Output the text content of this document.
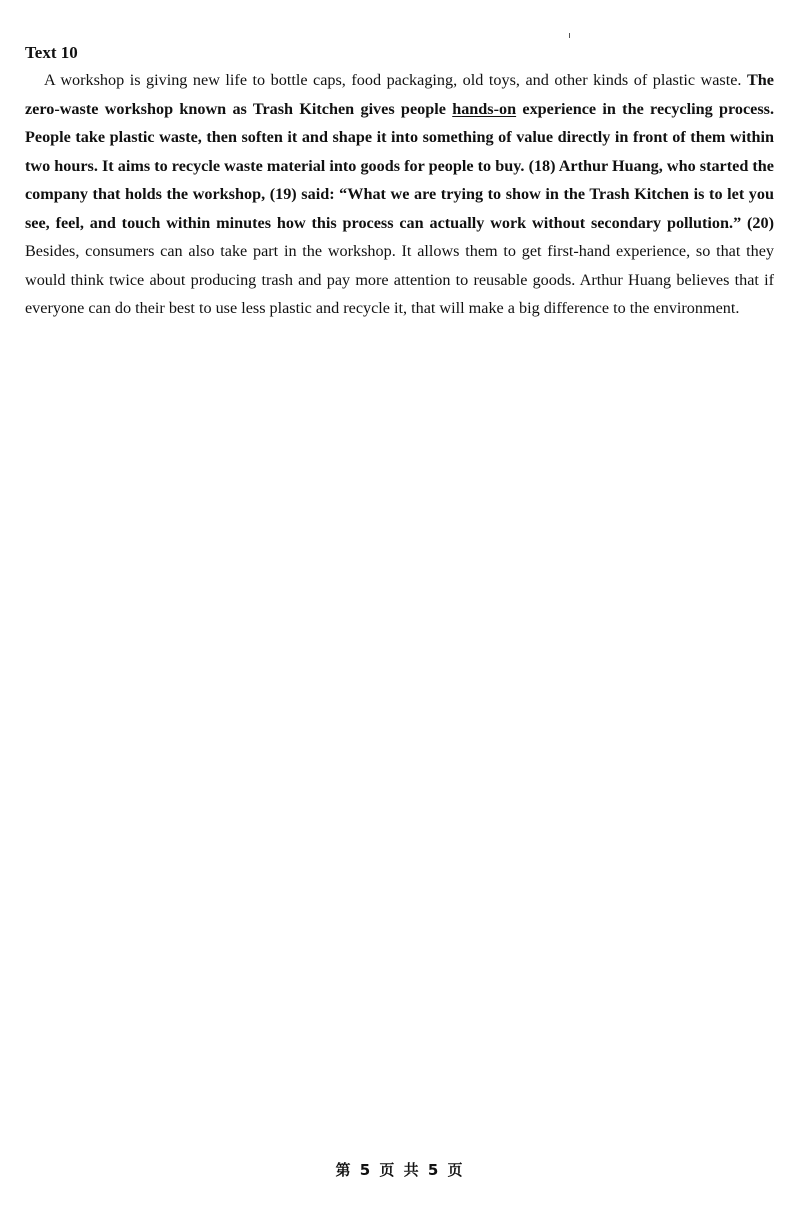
Text 10

A workshop is giving new life to bottle caps, food packaging, old toys, and other kinds of plastic waste. The zero-waste workshop known as Trash Kitchen gives people hands-on experience in the recycling process. People take plastic waste, then soften it and shape it into something of value directly in front of them within two hours. It aims to recycle waste material into goods for people to buy. (18) Arthur Huang, who started the company that holds the workshop, (19) said: “What we are trying to show in the Trash Kitchen is to let you see, feel, and touch within minutes how this process can actually work without secondary pollution.” (20) Besides, consumers can also take part in the workshop. It allows them to get first-hand experience, so that they would think twice about producing trash and pay more attention to reusable goods. Arthur Huang believes that if everyone can do their best to use less plastic and recycle it, that will make a big difference to the environment.

第 5 页 共 5 页
